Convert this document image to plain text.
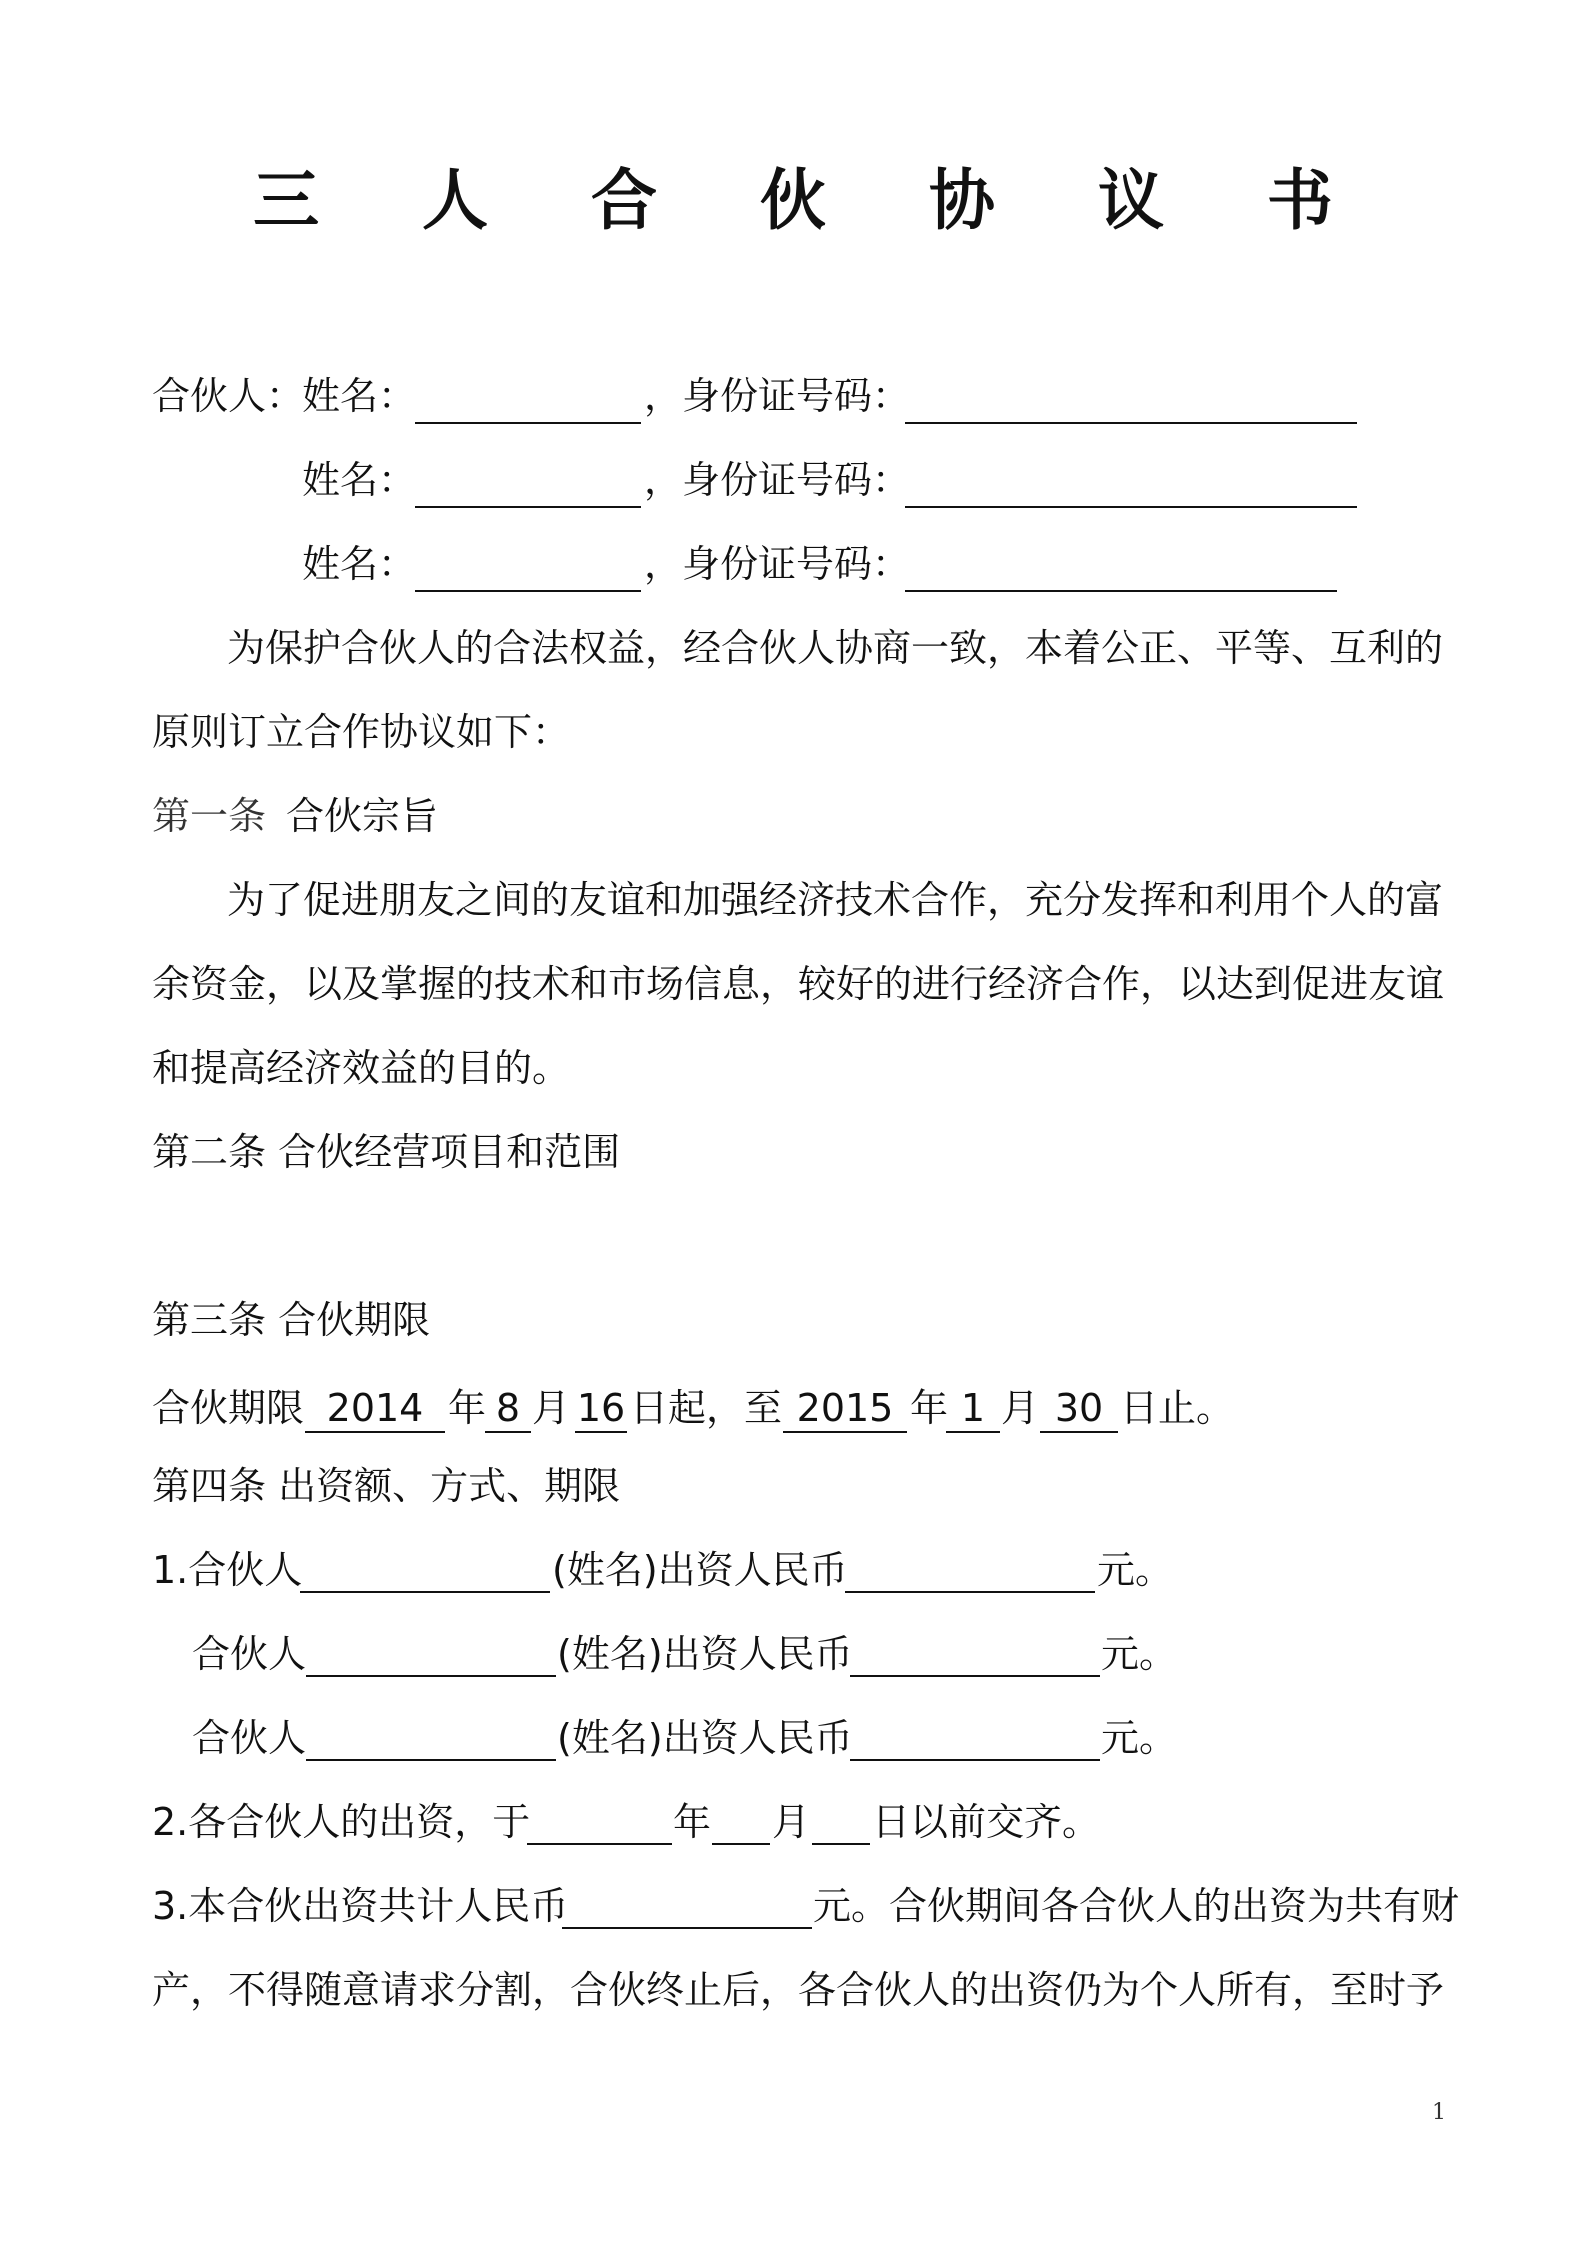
三 人 合 伙 协 议 书
合伙人：
姓名：	，身份证号码：
姓名：	，身份证号码：
姓名：	，身份证号码：
为保护合伙人的合法权益，经合伙人协商一致，本着公正、平等、互利的
原则订立合作协议如下：
第一条 合伙宗旨
为了促进朋友之间的友谊和加强经济技术合作，充分发挥和利用个人的富
余资金，以及掌握的技术和市场信息，较好的进行经济合作，以达到促进友谊
和提高经济效益的目的。
第二条 合伙经营项目和范围
第三条 合伙期限
合伙期限 2014 年 8 月 16 日起，至 2015 年 1 月 30 日止。
第四条 出资额、方式、期限
1.合伙人	(姓名)出资人民币	元。
合伙人	(姓名)出资人民币	元。
合伙人	(姓名)出资人民币	元。
2.各合伙人的出资，于	年 月 日以前交齐。
3.本合伙出资共计人民币	元。合伙期间各合伙人的出资为共有财
产，不得随意请求分割，合伙终止后，各合伙人的出资仍为个人所有，至时予
1
